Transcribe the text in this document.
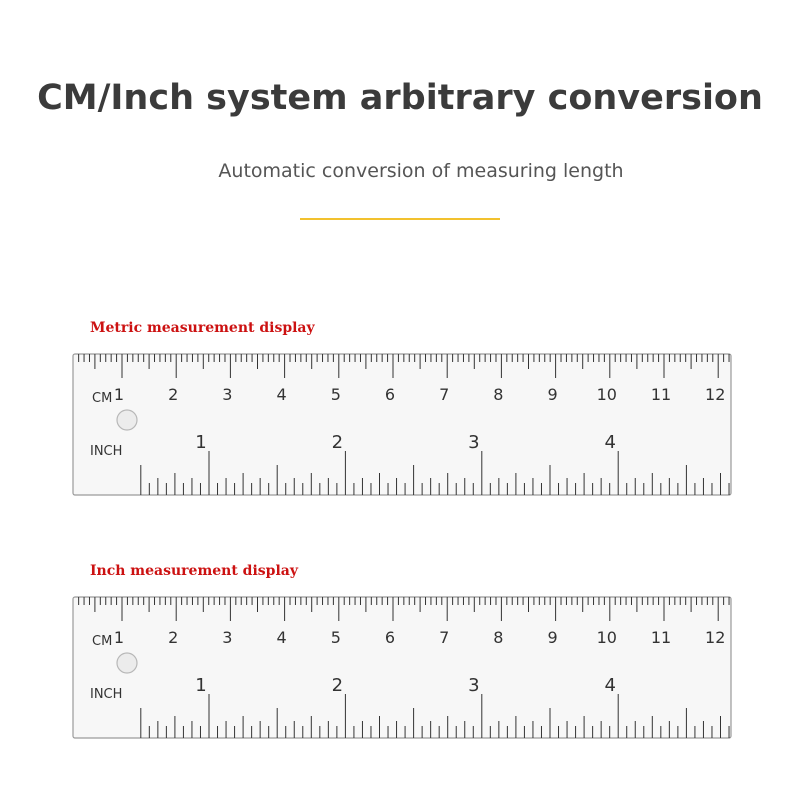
CM/Inch system arbitrary conversion
Automatic conversion of measuring length
Metric measurement display
CM 1	2	3	4	5	6	7	8	9 10 11 12
INCH	1	2	3	4
Inch measurement display
CM 1	2	3	4	5	6	7	8	9 10 11 12
INCH	1	2	3	4
